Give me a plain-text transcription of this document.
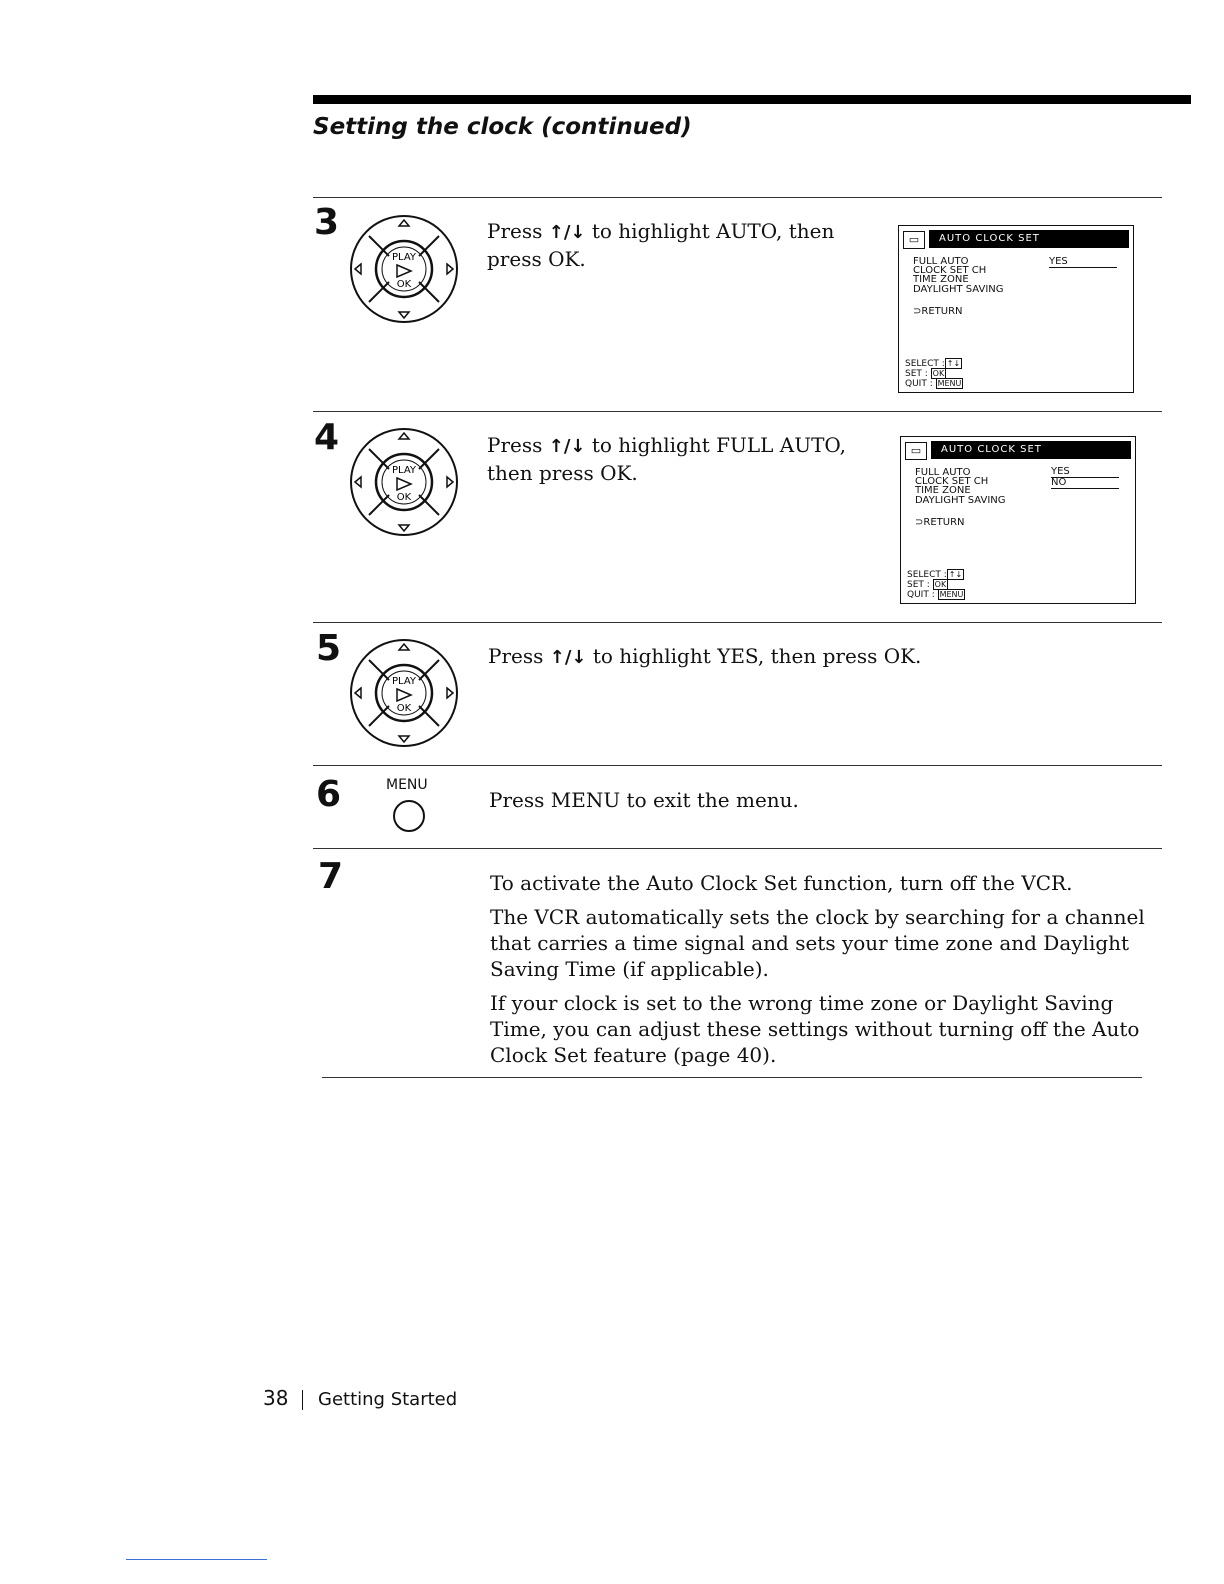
Setting the clock (continued)
3
PLAY
OK
Press ↑/↓ to highlight AUTO, then press OK.
▭	AUTO CLOCK SET
FULL AUTO
CLOCK SET CH
TIME ZONE
DAYLIGHT SAVING
YES
⊃RETURN
SELECT : ↑↓
SET : OK
QUIT : MENU
4
PLAY
OK
Press ↑/↓ to highlight FULL AUTO, then press OK.
▭	AUTO CLOCK SET
FULL AUTO
CLOCK SET CH
TIME ZONE
DAYLIGHT SAVING
YES
NO
⊃RETURN
SELECT : ↑↓
SET : OK
QUIT : MENU
5
PLAY
OK
Press ↑/↓ to highlight YES, then press OK.
6	MENU
Press MENU to exit the menu.
7	To activate the Auto Clock Set function, turn off the VCR.
The VCR automatically sets the clock by searching for a channel that carries a time signal and sets your time zone and Daylight Saving Time (if applicable).
If your clock is set to the wrong time zone or Daylight Saving Time, you can adjust these settings without turning off the Auto Clock Set feature (page 40).
38 Getting Started
